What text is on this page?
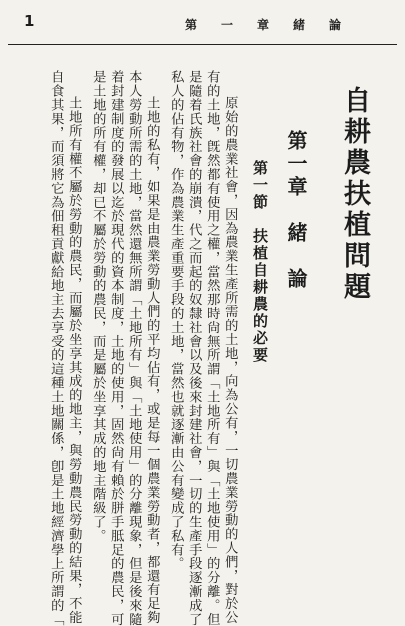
1	第一章緒論
自耕農扶植問題
第一章　緒　論
第一節　扶植自耕農的必要
原始的農業社會，因為農業生產所需的土地，向為公有，一切農業勞動的人們，對於公
有的土地，旣然都有使用之權，當然那時尙無所謂「土地所有」與「土地使用」的分離。但
是隨着氏族社會的崩潰，代之而起的奴隸社會以及後來封建社會，一切的生產手段逐漸成了
私人的佔有物，作為農業生產重要手段的土地，當然也就逐漸由公有變成了私有。
土地的私有，如果是由農業勞動人們的平均佔有，或是每一個農業勞動者，都還有足夠
本人勞動所需的土地，當然還無所謂「土地所有」與「土地使用」的分離現象，但是後來隨
着封建制度的發展以迄於現代的資本制度，土地的使用，固然尙有賴於胼手胝足的農民，可
是土地的所有權，却已不屬於勞動的農民，而是屬於坐享其成的地主階級了。
土地所有權不屬於勞動的農民，而屬於坐享其成的地主，與勞動農民勞動的結果，不能
自食其果，而須將它為佃租貢獻給地主去享受的這種土地關係，卽是土地經濟學上所謂的「
